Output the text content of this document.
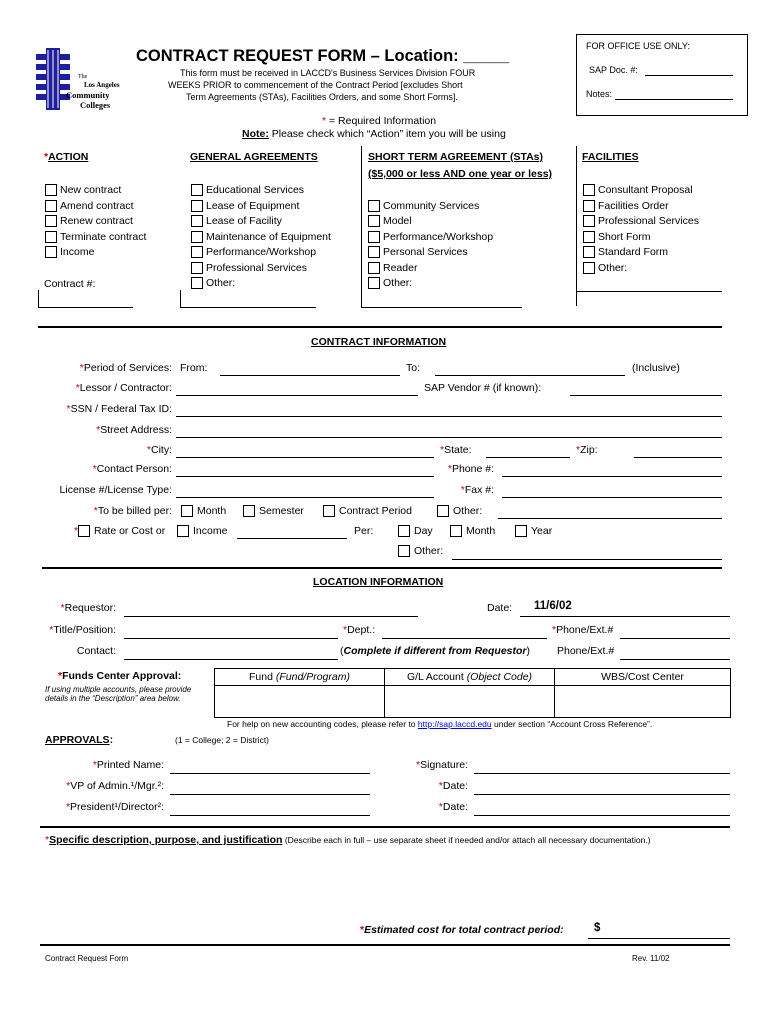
The
Los Angeles
Community
Colleges
CONTRACT REQUEST FORM – Location: _____
This form must be received in LACCD's Business Services Division FOUR
WEEKS PRIOR to commencement of the Contract Period [excludes Short
Term Agreements (STAs), Facilities Orders, and some Short Forms].
* = Required Information
Note: Please check which “Action” item you will be using
FOR OFFICE USE ONLY:
SAP Doc. #:
Notes:
*ACTION
New contract
Amend contract
Renew contract
Terminate contract
Income
Contract #:
GENERAL AGREEMENTS
Educational Services
Lease of Equipment
Lease of Facility
Maintenance of Equipment
Performance/Workshop
Professional Services
Other:
SHORT TERM AGREEMENT (STAs)
($5,000 or less AND one year or less)
Community Services
Model
Performance/Workshop
Personal Services
Reader
Other:
FACILITIES
Consultant Proposal
Facilities Order
Professional Services
Short Form
Standard Form
Other:
CONTRACT INFORMATION
*Period of Services: From:	To:	(Inclusive)
*Lessor / Contractor:	SAP Vendor # (if known):
*SSN / Federal Tax ID:
*Street Address:
*City:	*State:	*Zip:
*Contact Person:	*Phone #:
License #/License Type:	*Fax #:
*To be billed per: Month	Semester	Contract Period	Other:
* Rate or Cost or	Income	Per:	Day	Month	Year
Other:
LOCATION INFORMATION
*Requestor:	Date: 11/6/02
*Title/Position:	*Dept.:	*Phone/Ext.#
Contact:	(Complete if different from Requestor)	Phone/Ext.#
*Funds Center Approval:
If using multiple accounts, please provide details in the “Description” area below.
Fund (Fund/Program)	G/L Account (Object Code)	WBS/Cost Center
For help on new accounting codes, please refer to http://sap.laccd.edu under section “Account Cross Reference”.
APPROVALS:	(1 = College; 2 = District)
*Printed Name:	*Signature:
*VP of Admin.¹/Mgr.²:	*Date:
*President¹/Director²:	*Date:
*Specific description, purpose, and justification (Describe each in full – use separate sheet if needed and/or attach all necessary documentation.)
*Estimated cost for total contract period:	$
Contract Request Form	Rev. 11/02
